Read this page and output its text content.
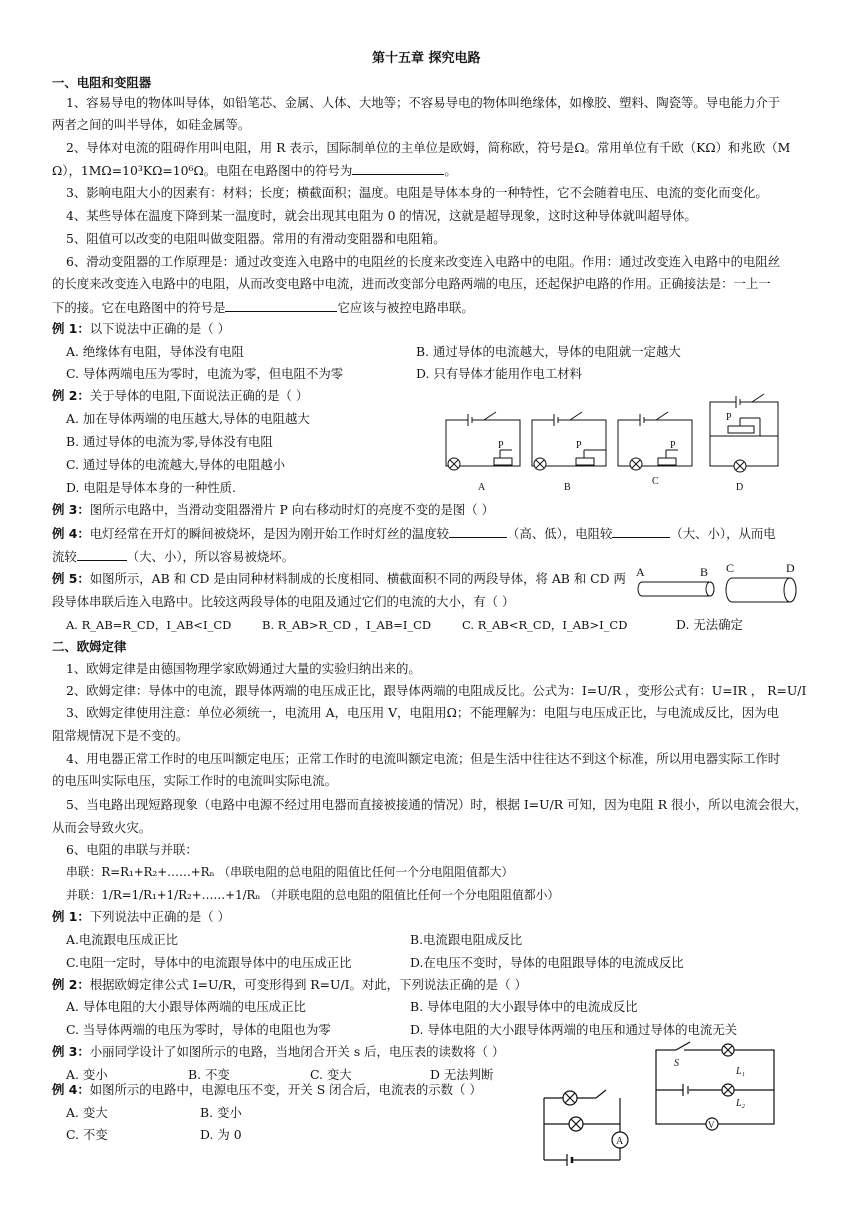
第十五章 探究电路
一、电阻和变阻器
1、容易导电的物体叫导体，如铅笔芯、金属、人体、大地等；不容易导电的物体叫绝缘体，如橡胶、塑料、陶瓷等。导电能力介于
两者之间的叫半导体，如硅金属等。
2、导体对电流的阻碍作用叫电阻，用 R 表示，国际制单位的主单位是欧姆，简称欧，符号是Ω。常用单位有千欧（KΩ）和兆欧（M
Ω），1MΩ=10³KΩ=10⁶Ω。电阻在电路图中的符号为	。
3、影响电阻大小的因素有：材料；长度；横截面积；温度。电阻是导体本身的一种特性，它不会随着电压、电流的变化而变化。
4、某些导体在温度下降到某一温度时，就会出现其电阻为 0 的情况，这就是超导现象，这时这种导体就叫超导体。
5、阻值可以改变的电阻叫做变阻器。常用的有滑动变阻器和电阻箱。
6、滑动变阻器的工作原理是：通过改变连入电路中的电阻丝的长度来改变连入电路中的电阻。作用：通过改变连入电路中的电阻丝
的长度来改变连入电路中的电阻，从而改变电路中电流，进而改变部分电路两端的电压，还起保护电路的作用。正确接法是：一上一
下的接。它在电路图中的符号是	它应该与被控电路串联。
例 1：以下说法中正确的是（ ）
A. 绝缘体有电阻，导体没有电阻	B. 通过导体的电流越大，导体的电阻就一定越大
C. 导体两端电压为零时，电流为零，但电阻不为零	D. 只有导体才能用作电工材料
例 2：关于导体的电阻,下面说法正确的是（ ）
A. 加在导体两端的电压越大,导体的电阻越大
B. 通过导体的电流为零,导体没有电阻
C. 通过导体的电流越大,导体的电阻越小
D. 电阻是导体本身的一种性质.
P	P	P
P
A	B
C
D
例 3：图所示电路中，当滑动变阻器滑片 P 向右移动时灯的亮度不变的是图（ ）
例 4：电灯经常在开灯的瞬间被烧坏，是因为刚开始工作时灯丝的温度较	（高、低），电阻较	（大、小），从而电
流较	（大、小），所以容易被烧坏。
例 5：如图所示，AB 和 CD 是由同种材料制成的长度相同、横截面积不同的两段导体，将 AB 和 CD 两
段导体串联后连入电路中。比较这两段导体的电阻及通过它们的电流的大小，有（ ）
A. R_AB=R_CD，I_AB<I_CD	B. R_AB>R_CD ，I_AB=I_CD	C. R_AB<R_CD，I_AB>I_CD	D. 无法确定
A	B C	D
二、欧姆定律
1、欧姆定律是由德国物理学家欧姆通过大量的实验归纳出来的。
2、欧姆定律：导体中的电流，跟导体两端的电压成正比，跟导体两端的电阻成反比。公式为：I=U/R ，变形公式有：U=IR ， R=U/I
3、欧姆定律使用注意：单位必须统一，电流用 A，电压用 V，电阻用Ω；不能理解为：电阻与电压成正比，与电流成反比，因为电
阻常规情况下是不变的。
4、用电器正常工作时的电压叫额定电压；正常工作时的电流叫额定电流；但是生活中往往达不到这个标准，所以用电器实际工作时
的电压叫实际电压，实际工作时的电流叫实际电流。
5、当电路出现短路现象（电路中电源不经过用电器而直接被接通的情况）时，根据 I=U/R 可知，因为电阻 R 很小，所以电流会很大，
从而会导致火灾。
6、电阻的串联与并联：
串联：R=R₁+R₂+……+Rₙ （串联电阻的总电阻的阻值比任何一个分电阻阻值都大）
并联：1/R=1/R₁+1/R₂+……+1/Rₙ （并联电阻的总电阻的阻值比任何一个分电阻阻值都小）
例 1：下列说法中正确的是（ ）
A.电流跟电压成正比	B.电流跟电阻成反比
C.电阻一定时，导体中的电流跟导体中的电压成正比	D.在电压不变时，导体的电阻跟导体的电流成反比
例 2：根据欧姆定律公式 I=U/R，可变形得到 R=U/I。对此，下列说法正确的是（ ）
A. 导体电阻的大小跟导体两端的电压成正比	B. 导体电阻的大小跟导体中的电流成反比
C. 当导体两端的电压为零时，导体的电阻也为零	D. 导体电阻的大小跟导体两端的电压和通过导体的电流无关
例 3：小丽同学设计了如图所示的电路，当地闭合开关 s 后，电压表的读数将（ ）
A. 变小	B. 不变	C. 变大	D 无法判断
S
L₁
L₂
V
例 4：如图所示的电路中，电源电压不变，开关 S 闭合后，电流表的示数（ ）
A. 变大	B. 变小
C. 不变	D. 为 0	A
